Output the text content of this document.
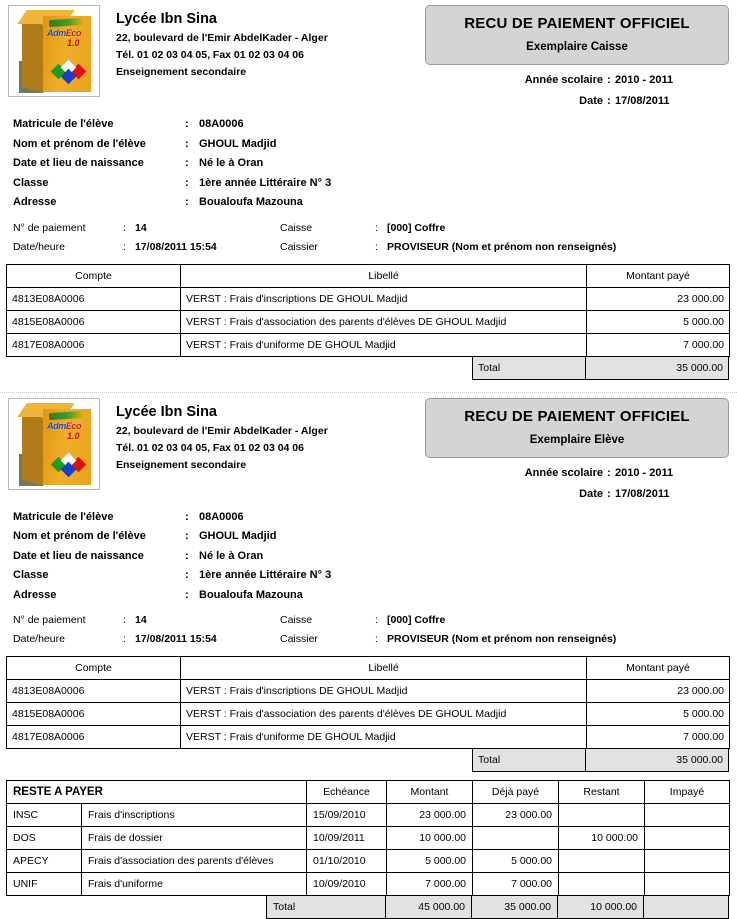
AdmEco
1.0
Lycée Ibn Sina
22, boulevard de l'Emir AbdelKader - Alger
Tél. 01 02 03 04 05, Fax 01 02 03 04 06
Enseignement secondaire
RECU DE PAIEMENT OFFICIEL
Exemplaire Caisse
Année scolaire : 2010 - 2011
Date : 17/08/2011
Matricule de l'élève	: 08A0006
Nom et prénom de l'élève	: GHOUL Madjid
Date et lieu de naissance	: Né le à Oran
Classe	: 1ère année Littéraire N° 3
Adresse	: Boualoufa Mazouna
N° de paiement	: 14	Caisse	: [000] Coffre
Date/heure	: 17/08/2011 15:54	Caissier	: PROVISEUR (Nom et prénom non renseignés)
Compte	Libellé	Montant payé
4813E08A0006	VERST : Frais d'inscriptions DE GHOUL Madjid	23 000.00
4815E08A0006	VERST : Frais d'association des parents d'élèves DE GHOUL Madjid	5 000.00
4817E08A0006	VERST : Frais d'uniforme DE GHOUL Madjid	7 000.00
Total	35 000.00
AdmEco
1.0
Lycée Ibn Sina
22, boulevard de l'Emir AbdelKader - Alger
Tél. 01 02 03 04 05, Fax 01 02 03 04 06
Enseignement secondaire
RECU DE PAIEMENT OFFICIEL
Exemplaire Elève
Année scolaire : 2010 - 2011
Date : 17/08/2011
Matricule de l'élève	: 08A0006
Nom et prénom de l'élève	: GHOUL Madjid
Date et lieu de naissance	: Né le à Oran
Classe	: 1ère année Littéraire N° 3
Adresse	: Boualoufa Mazouna
N° de paiement	: 14	Caisse	: [000] Coffre
Date/heure	: 17/08/2011 15:54	Caissier	: PROVISEUR (Nom et prénom non renseignés)
Compte	Libellé	Montant payé
4813E08A0006	VERST : Frais d'inscriptions DE GHOUL Madjid	23 000.00
4815E08A0006	VERST : Frais d'association des parents d'élèves DE GHOUL Madjid	5 000.00
4817E08A0006	VERST : Frais d'uniforme DE GHOUL Madjid	7 000.00
Total	35 000.00
RESTE A PAYER		Echéance	Montant	Déjà payé	Restant	Impayé
INSC	Frais d'inscriptions	15/09/2010	23 000.00	23 000.00		
DOS	Frais de dossier	10/09/2011	10 000.00		10 000.00	
APECY	Frais d'association des parents d'élèves	01/10/2010	5 000.00	5 000.00		
UNIF	Frais d'uniforme	10/09/2010	7 000.00	7 000.00		
Total	45 000.00	35 000.00	10 000.00
